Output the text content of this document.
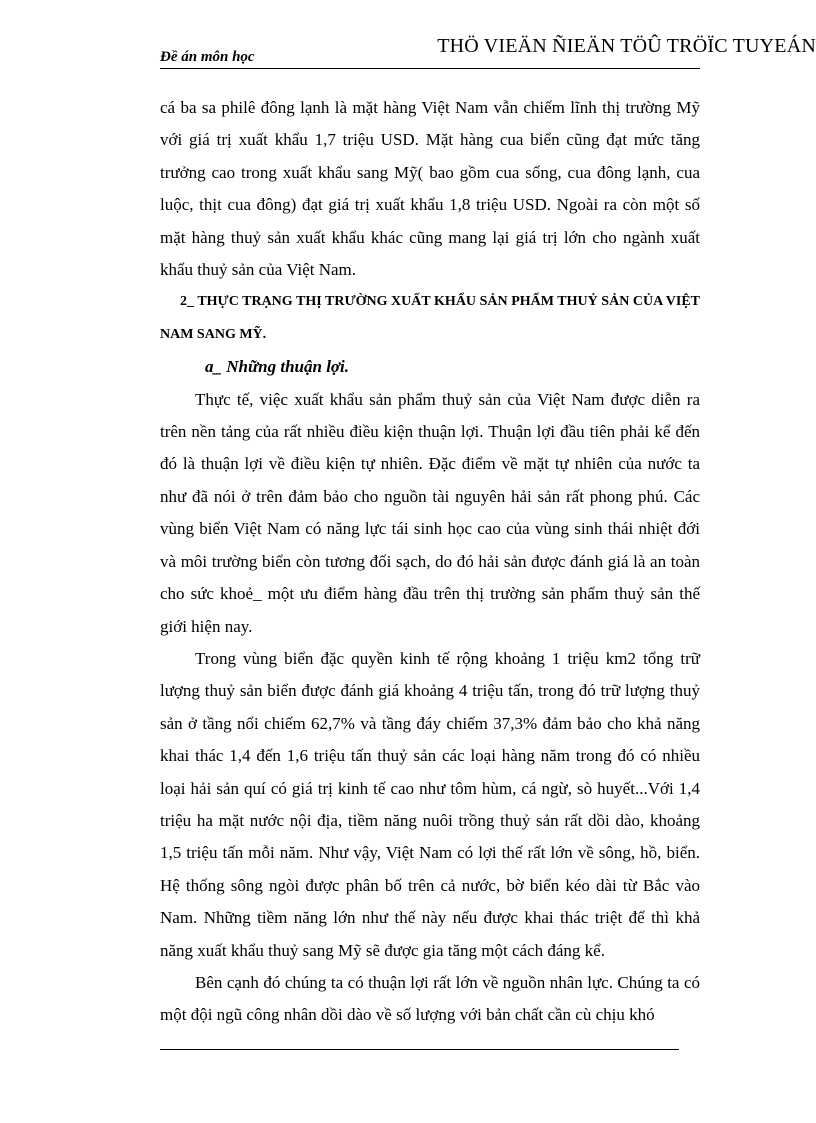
Đề án môn học	THÖ VIEÄN ÑIEÄN TÖÛ TRÖÏC TUYEÁN

cá ba sa philê đông lạnh là mặt hàng Việt Nam vẫn chiếm lĩnh thị trường Mỹ với giá trị xuất khẩu 1,7 triệu USD. Mặt hàng cua biển cũng đạt mức tăng trưởng cao trong xuất khẩu sang Mỹ( bao gồm cua sống, cua đông lạnh, cua luộc, thịt cua đông) đạt giá trị xuất khẩu 1,8 triệu USD. Ngoài ra còn một số mặt hàng thuỷ sản xuất khẩu khác cũng mang lại giá trị lớn cho ngành xuất khẩu thuỷ sản của Việt Nam.

2_ THỰC TRẠNG THỊ TRƯỜNG XUẤT KHẨU SẢN PHẨM THUỶ SẢN CỦA VIỆT NAM SANG MỸ.

a_ Những thuận lợi.

Thực tế, việc xuất khẩu sản phẩm thuỷ sản của Việt Nam được diễn ra trên nền tảng của rất nhiều điều kiện thuận lợi. Thuận lợi đầu tiên phải kể đến đó là thuận lợi về điều kiện tự nhiên. Đặc điểm về mặt tự nhiên của nước ta như đã nói ở trên đảm bảo cho nguồn tài nguyên hải sản rất phong phú. Các vùng biển Việt Nam có năng lực tái sinh học cao của vùng sinh thái nhiệt đới và môi trường biển còn tương đối sạch, do đó hải sản được đánh giá là an toàn cho sức khoẻ_ một ưu điểm hàng đầu trên thị trường sản phẩm thuỷ sản thế giới hiện nay.

Trong vùng biển đặc quyền kinh tế rộng khoảng 1 triệu km2 tổng trữ lượng thuỷ sản biển được đánh giá khoảng 4 triệu tấn, trong đó trữ lượng thuỷ sản ở tầng nổi chiếm 62,7% và tầng đáy chiếm 37,3% đảm bảo cho khả năng khai thác 1,4 đến 1,6 triệu tấn thuỷ sản các loại hàng năm trong đó có nhiều loại hải sản quí có giá trị kinh tế cao như tôm hùm, cá ngừ, sò huyết...Với 1,4 triệu ha mặt nước nội địa, tiềm năng nuôi trồng thuỷ sản rất dồi dào, khoảng 1,5 triệu tấn mỗi năm. Như vậy, Việt Nam có lợi thế rất lớn về sông, hồ, biển. Hệ thống sông ngòi được phân bố trên cả nước, bờ biển kéo dài từ Bắc vào Nam. Những tiềm năng lớn như thế này nếu được khai thác triệt để thì khả năng xuất khẩu thuỷ sang Mỹ sẽ được gia tăng một cách đáng kể.

Bên cạnh đó chúng ta có thuận lợi rất lớn về nguồn nhân lực. Chúng ta có một đội ngũ công nhân dồi dào về số lượng với bản chất cần cù chịu khó
